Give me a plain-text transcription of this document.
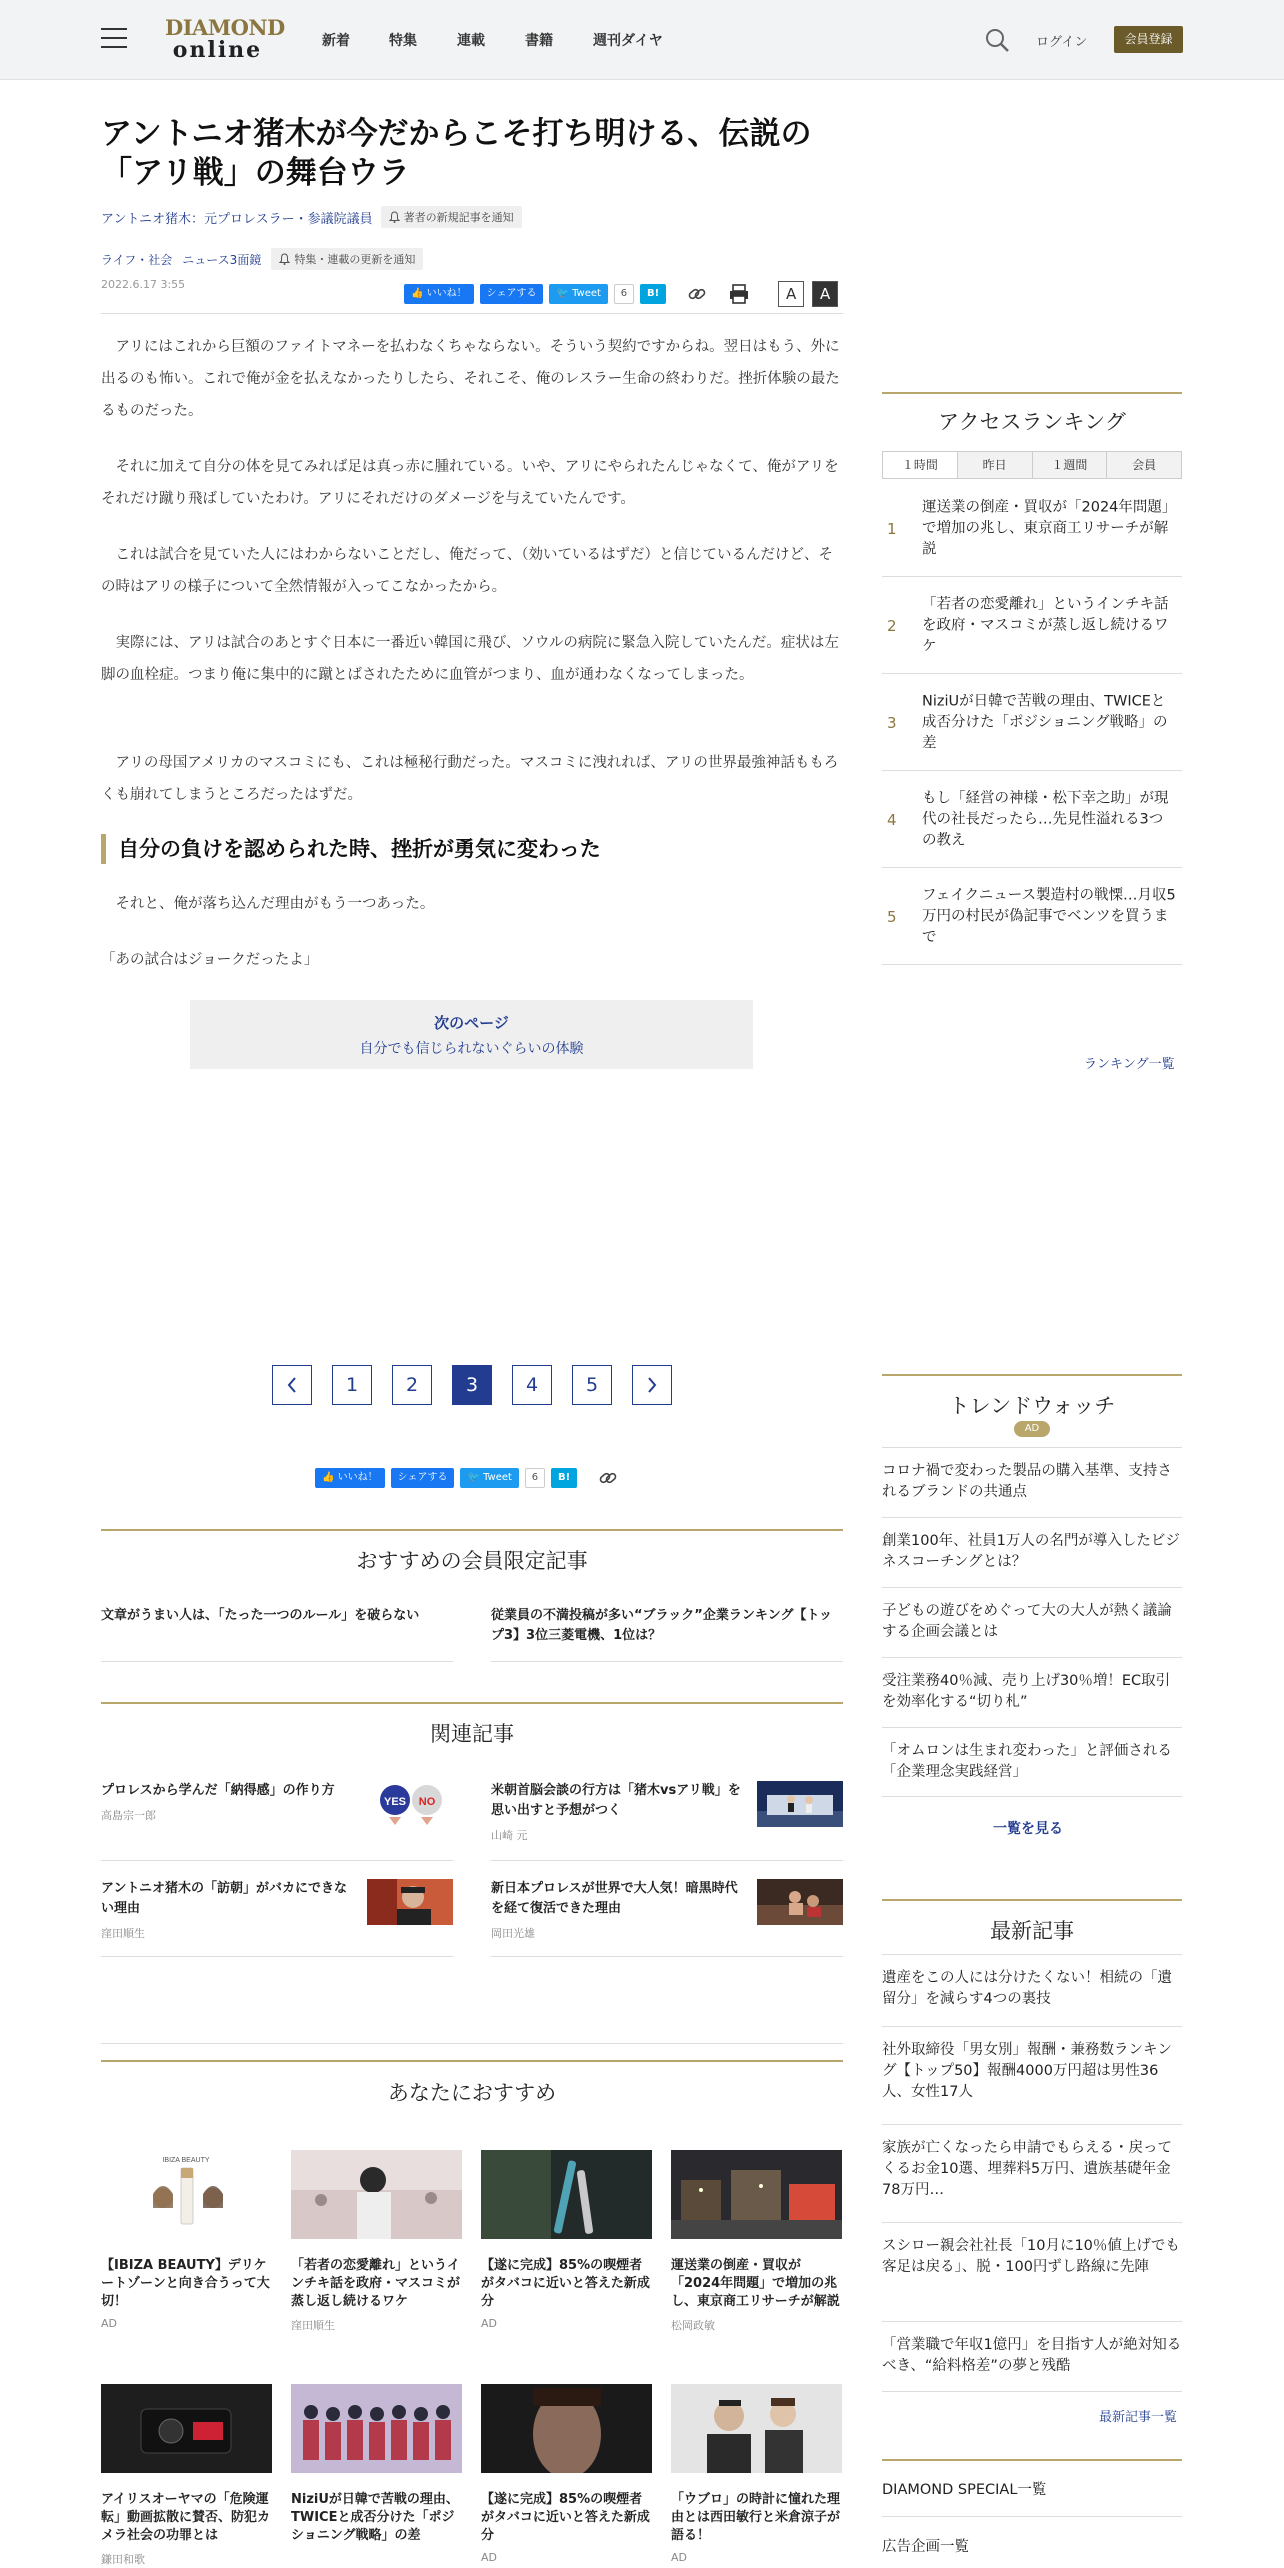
DIAMOND
online	新着	特集	連載	書籍	週刊ダイヤ	ログイン	会員登録
アントニオ猪木が今だからこそ打ち明ける、伝説の「アリ戦」の舞台ウラ
アントニオ猪木：元プロレスラー・参議院議員	著者の新規記事を通知
ライフ・社会 ニュース3面鏡	特集・連載の更新を通知
2022.6.17 3:55
👍 いいね！	シェアする	🐦 Tweet	6	B!	A	A

　アリにはこれから巨額のファイトマネーを払わなくちゃならない。そういう契約ですからね。翌日はもう、外に出るのも怖い。これで俺が金を払えなかったりしたら、それこそ、俺のレスラー生命の終わりだ。挫折体験の最たるものだった。

　それに加えて自分の体を見てみれば足は真っ赤に腫れている。いや、アリにやられたんじゃなくて、俺がアリをそれだけ蹴り飛ばしていたわけ。アリにそれだけのダメージを与えていたんです。

　これは試合を見ていた人にはわからないことだし、俺だって、（効いているはずだ）と信じているんだけど、その時はアリの様子について全然情報が入ってこなかったから。

　実際には、アリは試合のあとすぐ日本に一番近い韓国に飛び、ソウルの病院に緊急入院していたんだ。症状は左脚の血栓症。つまり俺に集中的に蹴とばされたために血管がつまり、血が通わなくなってしまった。

　アリの母国アメリカのマスコミにも、これは極秘行動だった。マスコミに洩れれば、アリの世界最強神話ももろくも崩れてしまうところだったはずだ。

自分の負けを認められた時、挫折が勇気に変わった

　それと、俺が落ち込んだ理由がもう一つあった。

「あの試合はジョークだったよ」

次のページ
自分でも信じられないぐらいの体験
1	2	3	4	5
👍 いいね！	シェアする	🐦 Tweet	6	B!
おすすめの会員限定記事
文章がうまい人は、「たった一つのルール」を破らない	従業員の不満投稿が多い“ブラック”企業ランキング【トップ3】3位三菱電機、1位は？
関連記事
プロレスから学んだ「納得感」の作り方
高島宗一郎
YES NO
米朝首脳会談の行方は「猪木vsアリ戦」を思い出すと予想がつく
山崎 元
アントニオ猪木の「訪朝」がバカにできない理由
窪田順生
新日本プロレスが世界で大人気！暗黒時代を経て復活できた理由
岡田光雄
あなたにおすすめ
IBIZA BEAUTY
【IBIZA BEAUTY】デリケートゾーンと向き合うって大切！
AD
「若者の恋愛離れ」というインチキ話を政府・マスコミが蒸し返し続けるワケ
窪田順生
【遂に完成】85%の喫煙者がタバコに近いと答えた新成分
AD
運送業の倒産・買収が「2024年問題」で増加の兆し、東京商工リサーチが解説
松岡政敏
アイリスオーヤマの「危険運転」動画拡散に賛否、防犯カメラ社会の功罪とは
鎌田和歌
NiziUが日韓で苦戦の理由、TWICEと成否分けた「ポジショニング戦略」の差
【遂に完成】85%の喫煙者がタバコに近いと答えた新成分
AD
「ウブロ」の時計に憧れた理由とは西田敏行と米倉涼子が語る！
AD
アクセスランキング
１時間	昨日	１週間	会員
1
運送業の倒産・買収が「2024年問題」で増加の兆し、東京商工リサーチが解説
2
「若者の恋愛離れ」というインチキ話を政府・マスコミが蒸し返し続けるワケ
3
NiziUが日韓で苦戦の理由、TWICEと成否分けた「ポジショニング戦略」の差
4
もし「経営の神様・松下幸之助」が現代の社長だったら…先見性溢れる3つの教え
5
フェイクニュース製造村の戦慄…月収5万円の村民が偽記事でベンツを買うまで
ランキング一覧
トレンドウォッチ
AD
コロナ禍で変わった製品の購入基準、支持されるブランドの共通点
創業100年、社員1万人の名門が導入したビジネスコーチングとは？
子どもの遊びをめぐって大の大人が熱く議論する企画会議とは
受注業務40％減、売り上げ30％増！EC取引を効率化する“切り札”
「オムロンは生まれ変わった」と評価される「企業理念実践経営」
一覧を見る
最新記事
遺産をこの人には分けたくない！相続の「遺留分」を減らす4つの裏技
社外取締役「男女別」報酬・兼務数ランキング【トップ50】報酬4000万円超は男性36人、女性17人
家族が亡くなったら申請でもらえる・戻ってくるお金10選、埋葬料5万円、遺族基礎年金78万円…
スシロー親会社社長「10月に10％値上げでも客足は戻る」、脱・100円ずし路線に先陣
「営業職で年収1億円」を目指す人が絶対知るべき、“給料格差”の夢と残酷
最新記事一覧
DIAMOND SPECIAL一覧
広告企画一覧
